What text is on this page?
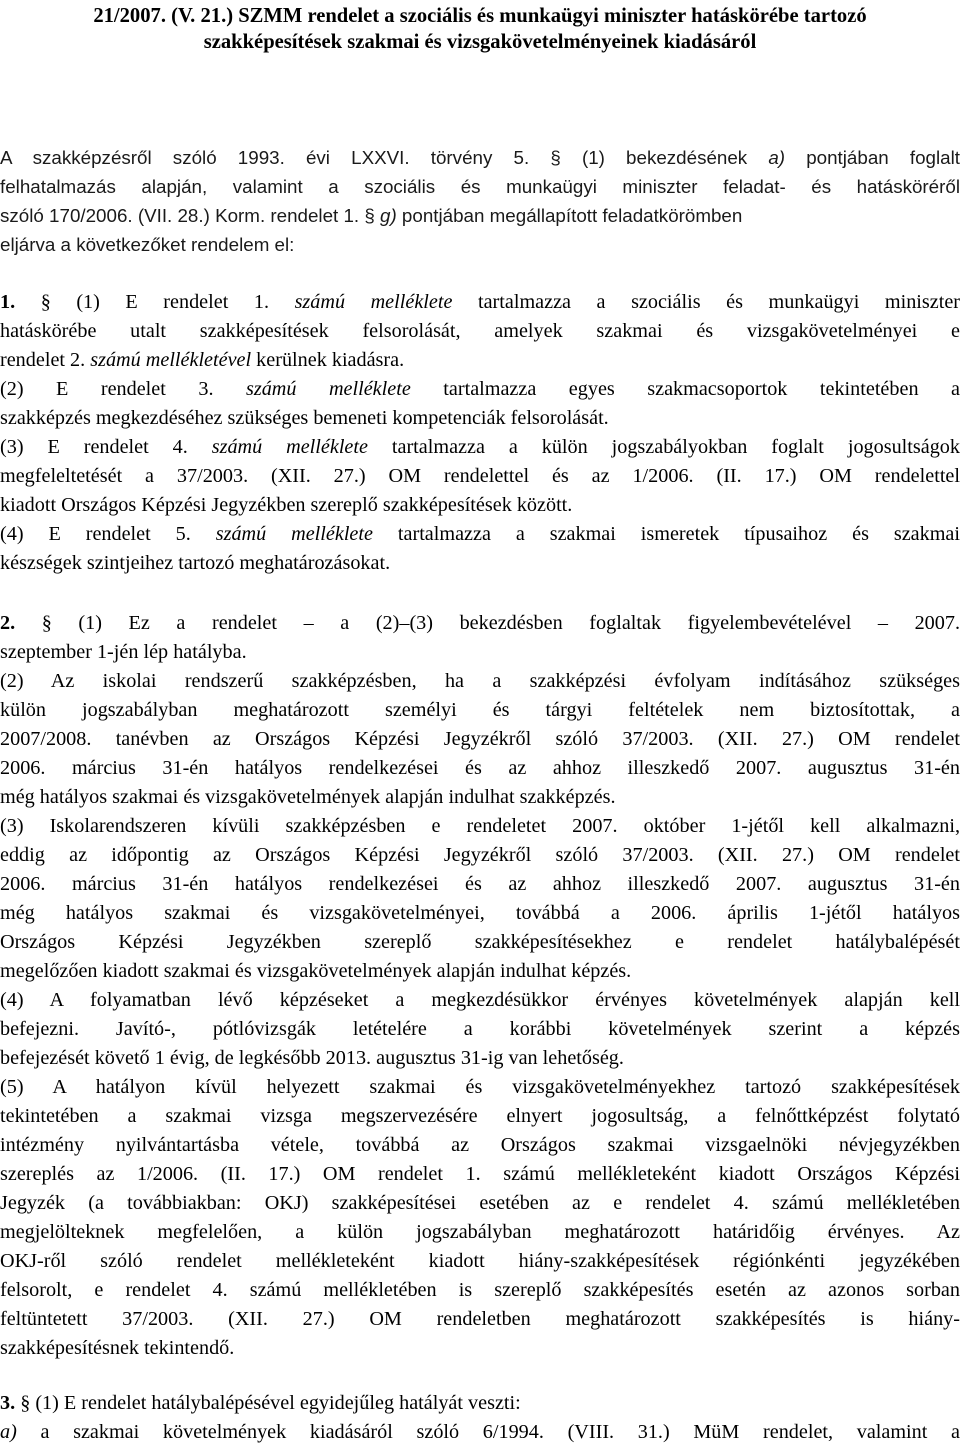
21/2007. (V. 21.) SZMM rendelet a szociális és munkaügyi miniszter hatáskörébe tartozó
szakképesítések szakmai és vizsgakövetelményeinek kiadásáról
A szakképzésről szóló 1993. évi LXXVI. törvény 5. § (1) bekezdésének a) pontjában foglalt
felhatalmazás alapján, valamint a szociális és munkaügyi miniszter feladat- és hatásköréről
szóló 170/2006. (VII. 28.) Korm. rendelet 1. § g) pontjában megállapított feladatkörömben
eljárva a következőket rendelem el:
1. § (1) E rendelet 1. számú melléklete tartalmazza a szociális és munkaügyi miniszter
hatáskörébe utalt szakképesítések felsorolását, amelyek szakmai és vizsgakövetelményei e
rendelet 2. számú mellékletével kerülnek kiadásra.
(2) E rendelet 3. számú melléklete tartalmazza egyes szakmacsoportok tekintetében a
szakképzés megkezdéséhez szükséges bemeneti kompetenciák felsorolását.
(3) E rendelet 4. számú melléklete tartalmazza a külön jogszabályokban foglalt jogosultságok
megfeleltetését a 37/2003. (XII. 27.) OM rendelettel és az 1/2006. (II. 17.) OM rendelettel
kiadott Országos Képzési Jegyzékben szereplő szakképesítések között.
(4) E rendelet 5. számú melléklete tartalmazza a szakmai ismeretek típusaihoz és szakmai
készségek szintjeihez tartozó meghatározásokat.
2. § (1) Ez a rendelet – a (2)–(3) bekezdésben foglaltak figyelembevételével – 2007.
szeptember 1-jén lép hatályba.
(2) Az iskolai rendszerű szakképzésben, ha a szakképzési évfolyam indításához szükséges
külön jogszabályban meghatározott személyi és tárgyi feltételek nem biztosítottak, a
2007/2008. tanévben az Országos Képzési Jegyzékről szóló 37/2003. (XII. 27.) OM rendelet
2006. március 31-én hatályos rendelkezései és az ahhoz illeszkedő 2007. augusztus 31-én
még hatályos szakmai és vizsgakövetelmények alapján indulhat szakképzés.
(3) Iskolarendszeren kívüli szakképzésben e rendeletet 2007. október 1-jétől kell alkalmazni,
eddig az időpontig az Országos Képzési Jegyzékről szóló 37/2003. (XII. 27.) OM rendelet
2006. március 31-én hatályos rendelkezései és az ahhoz illeszkedő 2007. augusztus 31-én
még hatályos szakmai és vizsgakövetelményei, továbbá a 2006. április 1-jétől hatályos
Országos Képzési Jegyzékben szereplő szakképesítésekhez e rendelet hatálybalépését
megelőzően kiadott szakmai és vizsgakövetelmények alapján indulhat képzés.
(4) A folyamatban lévő képzéseket a megkezdésükkor érvényes követelmények alapján kell
befejezni. Javító-, pótlóvizsgák letételére a korábbi követelmények szerint a képzés
befejezését követő 1 évig, de legkésőbb 2013. augusztus 31-ig van lehetőség.
(5) A hatályon kívül helyezett szakmai és vizsgakövetelményekhez tartozó szakképesítések
tekintetében a szakmai vizsga megszervezésére elnyert jogosultság, a felnőttképzést folytató
intézmény nyilvántartásba vétele, továbbá az Országos szakmai vizsgaelnöki névjegyzékben
szereplés az 1/2006. (II. 17.) OM rendelet 1. számú mellékleteként kiadott Országos Képzési
Jegyzék (a továbbiakban: OKJ) szakképesítései esetében az e rendelet 4. számú mellékletében
megjelölteknek megfelelően, a külön jogszabályban meghatározott határidőig érvényes. Az
OKJ-ről szóló rendelet mellékleteként kiadott hiány-szakképesítések régiónkénti jegyzékében
felsorolt, e rendelet 4. számú mellékletében is szereplő szakképesítés esetén az azonos sorban
feltüntetett 37/2003. (XII. 27.) OM rendeletben meghatározott szakképesítés is hiány-
szakképesítésnek tekintendő.
3. § (1) E rendelet hatálybalépésével egyidejűleg hatályát veszti:
a) a szakmai követelmények kiadásáról szóló 6/1994. (VIII. 31.) MüM rendelet, valamint a
